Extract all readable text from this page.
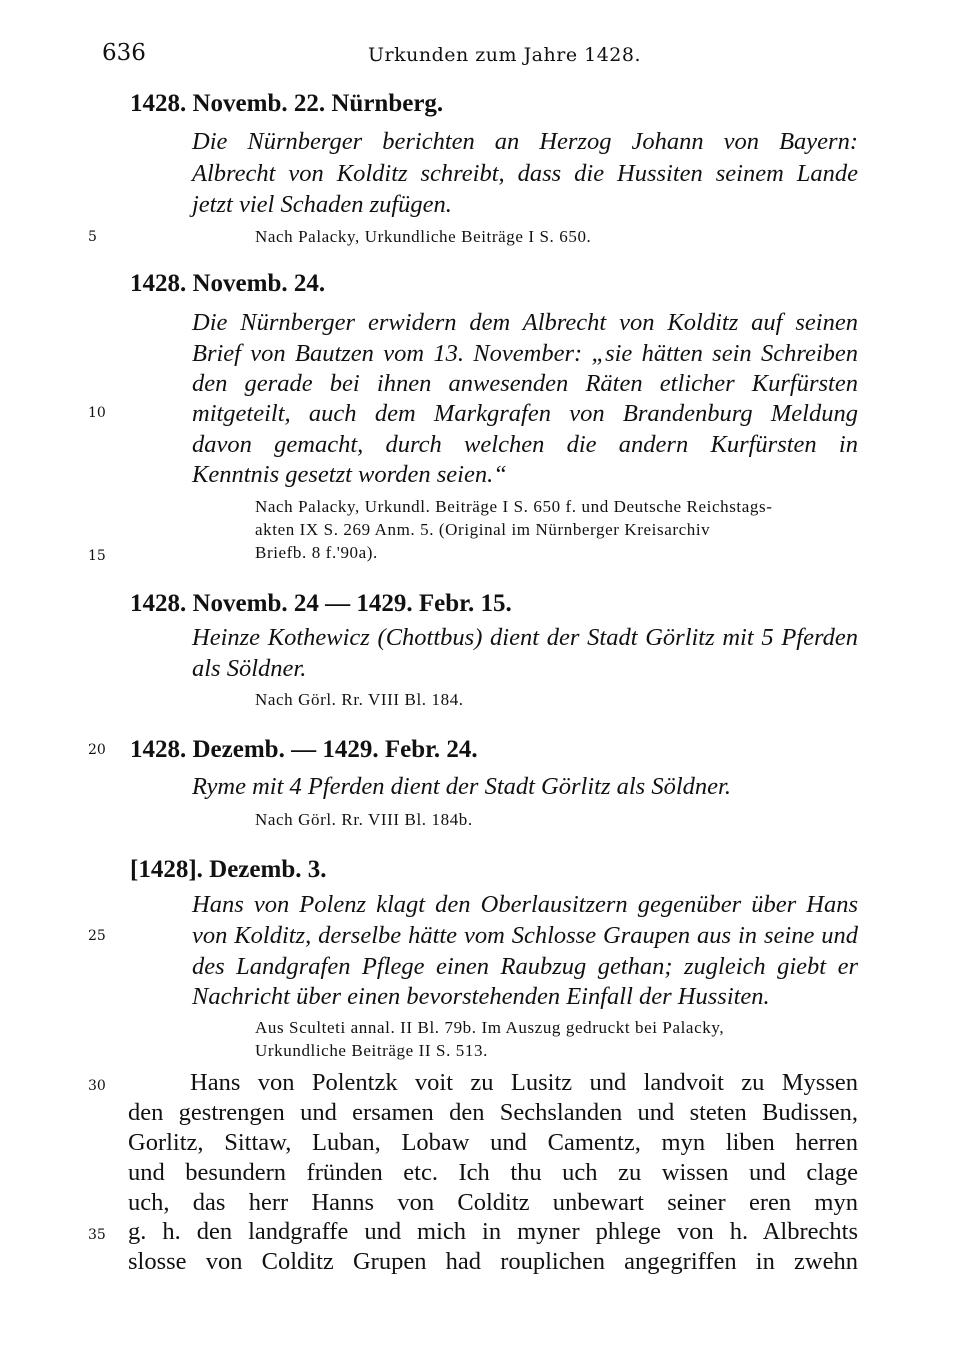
636	Urkunden zum Jahre 1428.
5
10
15
20
25
30
35
1428. Novemb. 22. Nürnberg.
Die Nürnberger berichten an Herzog Johann von Bayern:
Albrecht von Kolditz schreibt, dass die Hussiten seinem Lande
jetzt viel Schaden zufügen.
Nach Palacky, Urkundliche Beiträge I S. 650.
1428. Novemb. 24.
Die Nürnberger erwidern dem Albrecht von Kolditz auf seinen
Brief von Bautzen vom 13. November: „sie hätten sein Schreiben
den gerade bei ihnen anwesenden Räten etlicher Kurfürsten
mitgeteilt, auch dem Markgrafen von Brandenburg Meldung
davon gemacht, durch welchen die andern Kurfürsten in
Kenntnis gesetzt worden seien.“
Nach Palacky, Urkundl. Beiträge I S. 650 f. und Deutsche Reichstags-
akten IX S. 269 Anm. 5. (Original im Nürnberger Kreisarchiv
Briefb. 8 f.'90a).
1428. Novemb. 24 — 1429. Febr. 15.
Heinze Kothewicz (Chottbus) dient der Stadt Görlitz mit 5 Pferden
als Söldner.
Nach Görl. Rr. VIII Bl. 184.
1428. Dezemb. — 1429. Febr. 24.
Ryme mit 4 Pferden dient der Stadt Görlitz als Söldner.
Nach Görl. Rr. VIII Bl. 184b.
[1428]. Dezemb. 3.
Hans von Polenz klagt den Oberlausitzern gegenüber über Hans
von Kolditz, derselbe hätte vom Schlosse Graupen aus in seine und
des Landgrafen Pflege einen Raubzug gethan; zugleich giebt er
Nachricht über einen bevorstehenden Einfall der Hussiten.
Aus Sculteti annal. II Bl. 79b. Im Auszug gedruckt bei Palacky,
Urkundliche Beiträge II S. 513.
Hans von Polentzk voit zu Lusitz und landvoit zu Myssen
den gestrengen und ersamen den Sechslanden und steten Budissen,
Gorlitz, Sittaw, Luban, Lobaw und Camentz, myn liben herren
und besundern fründen etc. Ich thu uch zu wissen und clage
uch, das herr Hanns von Colditz unbewart seiner eren myn
g. h. den landgraffe und mich in myner phlege von h. Albrechts
slosse von Colditz Grupen had rouplichen angegriffen in zwehn
